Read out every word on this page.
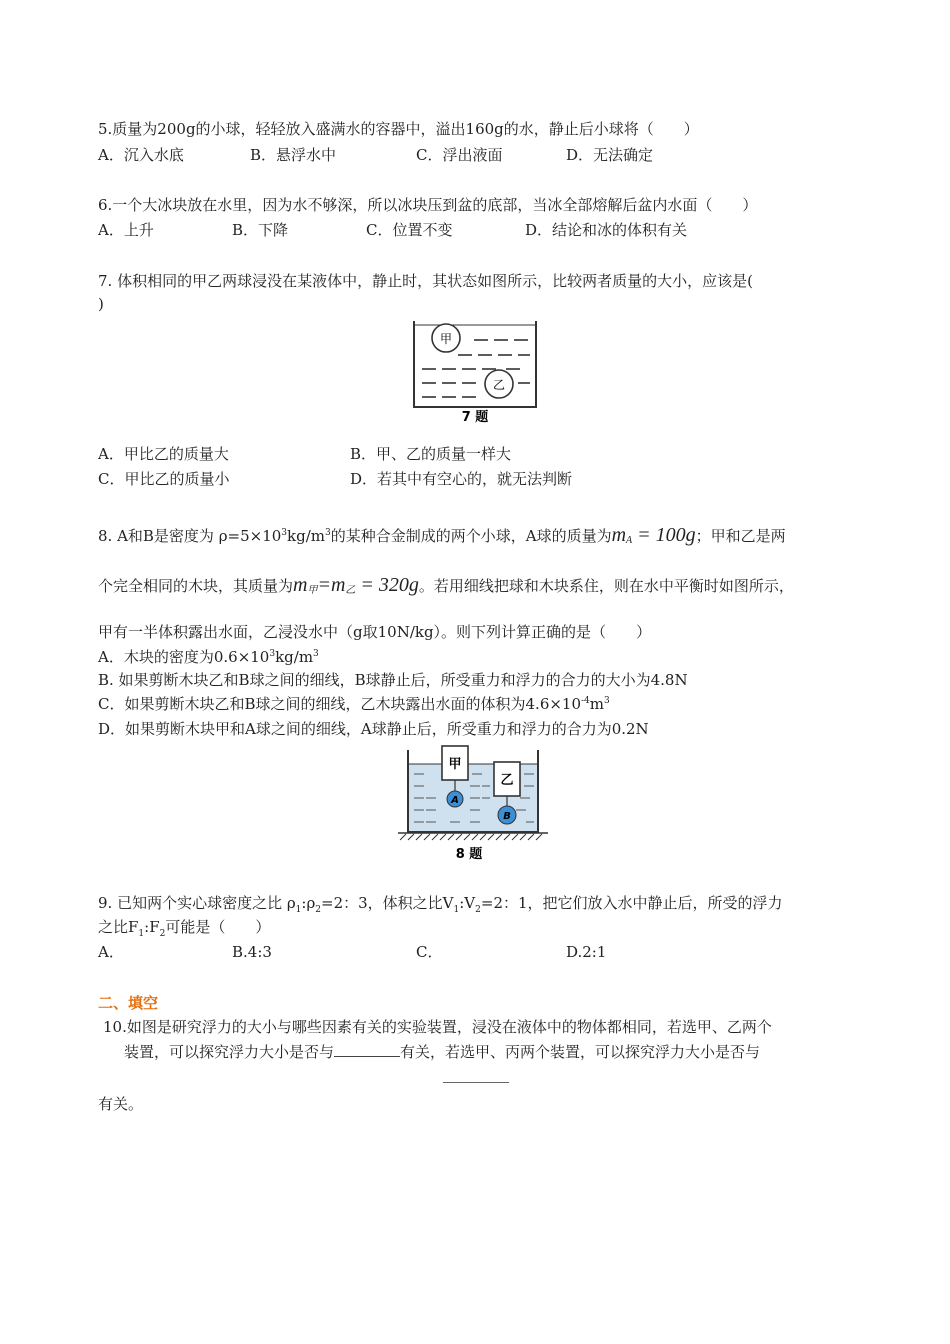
5.质量为200g的小球，轻轻放入盛满水的容器中，溢出160g的水，静止后小球将（　　）
A．沉入水底	B．悬浮水中	C．浮出液面	D．无法确定
6.一个大冰块放在水里，因为水不够深，所以冰块压到盆的底部，当冰全部熔解后盆内水面（　　）
A．上升	B．下降	C．位置不变	D．结论和冰的体积有关
7. 体积相同的甲乙两球浸没在某液体中，静止时，其状态如图所示，比较两者质量的大小，应该是(
)
甲
乙
7 题
A．甲比乙的质量大	B．甲、乙的质量一样大
C．甲比乙的质量小	D．若其中有空心的，就无法判断
8. A和B是密度为 $\rho=5\times 10^3kg/m^3$的某种合金制成的两个小球，A球的质量为$m_A = 100g$；甲和乙是两
个完全相同的木块，其质量为$m_甲=m_乙 = 320g$。若用细线把球和木块系住，则在水中平衡时如图所示，
甲有一半体积露出水面，乙浸没水中（g取10N/kg）。则下列计算正确的是（　　）
A．木块的密度为$0.6\times 10^3kg/m^3$
B. 如果剪断木块乙和B球之间的细线，B球静止后，所受重力和浮力的合力的大小为4.8N
C．如果剪断木块乙和B球之间的细线，乙木块露出水面的体积为$4.6\times 10^{-4}m^3$
D．如果剪断木块甲和A球之间的细线，A球静止后，所受重力和浮力的合力为0.2N
甲
乙
A
B
8 题
9. 已知两个实心球密度之比 $\rho_1:\rho_2=2$：3，体积之比$V_1:V_2=2$：1，把它们放入水中静止后，所受的浮力
之比$F_1:F_2$可能是（　　）
A．	B.4:3	C．	D.2:1
二、填空
10.如图是研究浮力的大小与哪些因素有关的实验装置，浸没在液体中的物体都相同，若选甲、乙两个
装置，可以探究浮力大小是否与	有关，若选甲、丙两个装置，可以探究浮力大小是否与
有关。
